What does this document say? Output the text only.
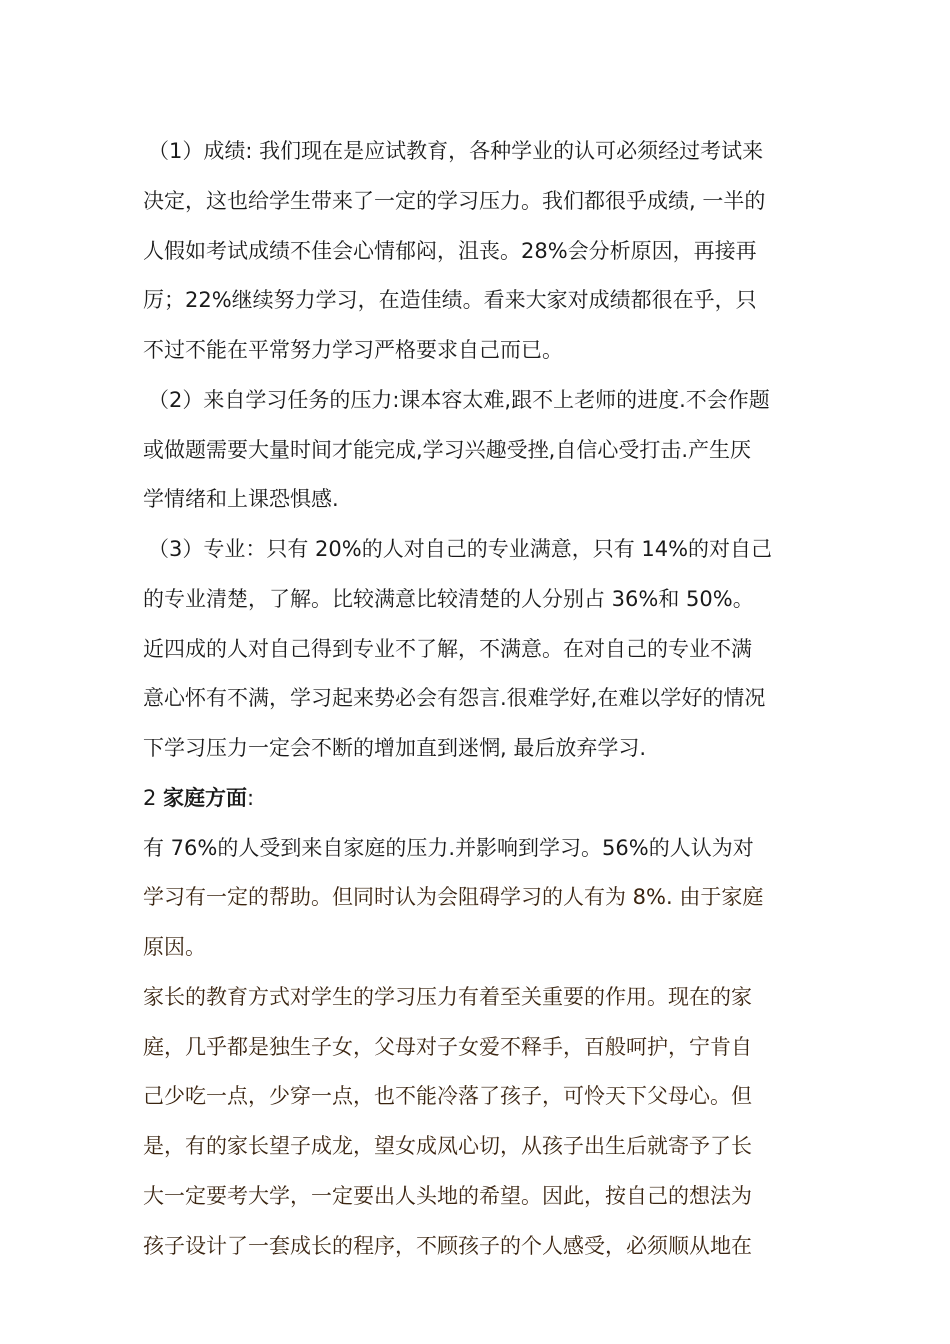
（1）成绩: 我们现在是应试教育，各种学业的认可必须经过考试来
决定，这也给学生带来了一定的学习压力。我们都很乎成绩, 一半的
人假如考试成绩不佳会心情郁闷，沮丧。28%会分析原因，再接再
厉；22%继续努力学习，在造佳绩。看来大家对成绩都很在乎，只
不过不能在平常努力学习严格要求自己而已。
（2）来自学习任务的压力:课本容太难,跟不上老师的进度.不会作题
或做题需要大量时间才能完成,学习兴趣受挫,自信心受打击.产生厌
学情绪和上课恐惧感.
（3）专业：只有 20%的人对自己的专业满意，只有 14%的对自己
的专业清楚，了解。比较满意比较清楚的人分别占 36%和 50%。
近四成的人对自己得到专业不了解，不满意。在对自己的专业不满
意心怀有不满，学习起来势必会有怨言.很难学好,在难以学好的情况
下学习压力一定会不断的增加直到迷惘, 最后放弃学习.
2 家庭方面:
有 76%的人受到来自家庭的压力.并影响到学习。56%的人认为对
学习有一定的帮助。但同时认为会阻碍学习的人有为 8%. 由于家庭
原因。
家长的教育方式对学生的学习压力有着至关重要的作用。现在的家
庭，几乎都是独生子女，父母对子女爱不释手，百般呵护，宁肯自
己少吃一点，少穿一点，也不能冷落了孩子，可怜天下父母心。但
是，有的家长望子成龙，望女成凤心切，从孩子出生后就寄予了长
大一定要考大学，一定要出人头地的希望。因此，按自己的想法为
孩子设计了一套成长的程序，不顾孩子的个人感受，必须顺从地在
